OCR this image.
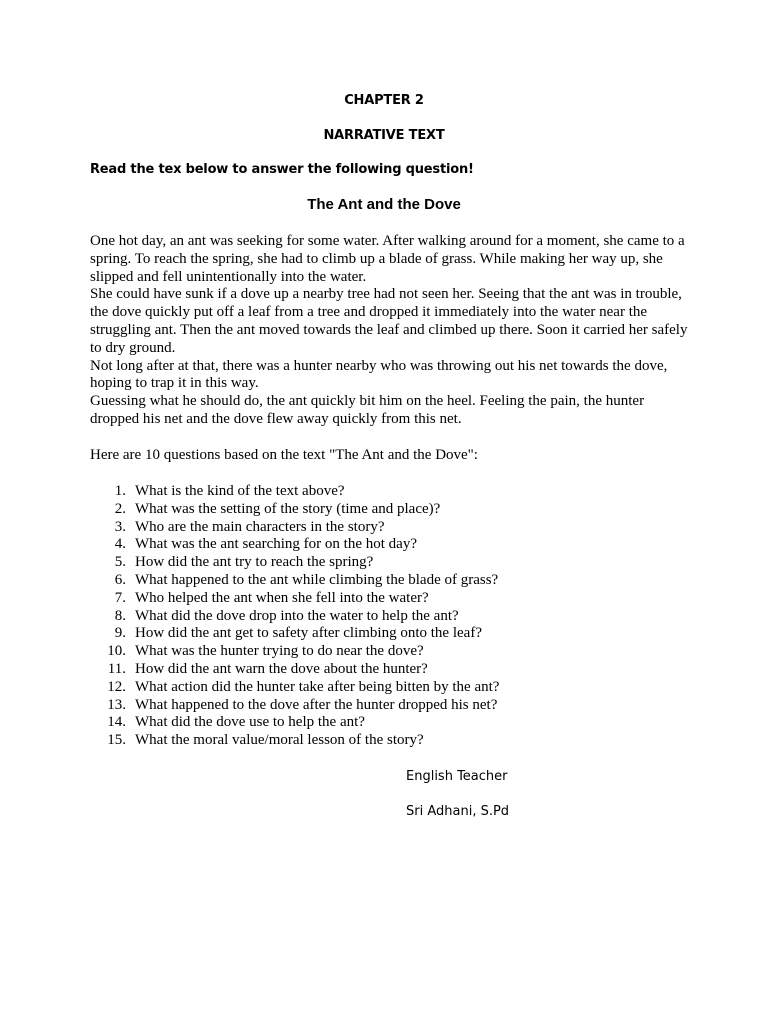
CHAPTER 2
NARRATIVE TEXT
Read the tex below to answer the following question!
The Ant and the Dove

One hot day, an ant was seeking for some water. After walking around for a moment, she came to a spring. To reach the spring, she had to climb up a blade of grass. While making her way up, she slipped and fell unintentionally into the water.

She could have sunk if a dove up a nearby tree had not seen her. Seeing that the ant was in trouble, the dove quickly put off a leaf from a tree and dropped it immediately into the water near the struggling ant. Then the ant moved towards the leaf and climbed up there. Soon it carried her safely to dry ground.

Not long after at that, there was a hunter nearby who was throwing out his net towards the dove, hoping to trap it in this way.

Guessing what he should do, the ant quickly bit him on the heel. Feeling the pain, the hunter dropped his net and the dove flew away quickly from this net.

Here are 10 questions based on the text "The Ant and the Dove":
1. What is the kind of the text above?
2. What was the setting of the story (time and place)?
3. Who are the main characters in the story?
4. What was the ant searching for on the hot day?
5. How did the ant try to reach the spring?
6. What happened to the ant while climbing the blade of grass?
7. Who helped the ant when she fell into the water?
8. What did the dove drop into the water to help the ant?
9. How did the ant get to safety after climbing onto the leaf?
10. What was the hunter trying to do near the dove?
11. How did the ant warn the dove about the hunter?
12. What action did the hunter take after being bitten by the ant?
13. What happened to the dove after the hunter dropped his net?
14. What did the dove use to help the ant?
15. What the moral value/moral lesson of the story?
English Teacher
Sri Adhani, S.Pd
